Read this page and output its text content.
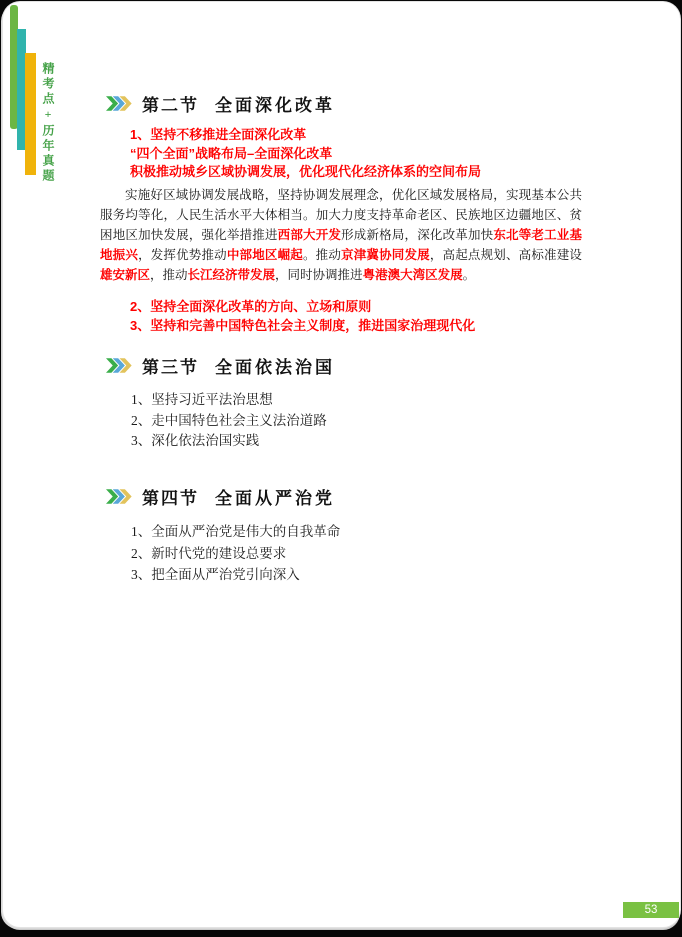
精考点+历年真题	第二节 全面深化改革
1、坚持不移推进全面深化改革
“四个全面”战略布局–全面深化改革
积极推动城乡区域协调发展，优化现代化经济体系的空间布局

实施好区域协调发展战略，坚持协调发展理念，优化区域发展格局，实现基本公共服务均等化，人民生活水平大体相当。加大力度支持革命老区、民族地区边疆地区、贫困地区加快发展，强化举措推进西部大开发形成新格局，深化改革加快东北等老工业基地振兴，发挥优势推动中部地区崛起。推动京津冀协同发展，高起点规划、高标准建设雄安新区，推动长江经济带发展，同时协调推进粤港澳大湾区发展。

2、坚持全面深化改革的方向、立场和原则
3、坚持和完善中国特色社会主义制度，推进国家治理现代化
第三节 全面依法治国
1、坚持习近平法治思想
2、走中国特色社会主义法治道路
3、深化依法治国实践
第四节 全面从严治党
1、全面从严治党是伟大的自我革命
2、新时代党的建设总要求
3、把全面从严治党引向深入
53
